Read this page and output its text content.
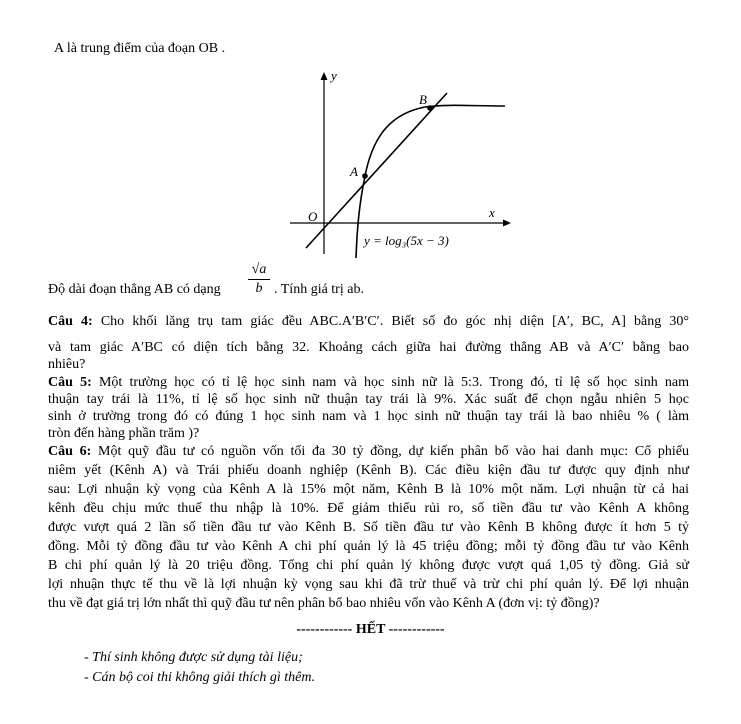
A là trung điểm của đoạn OB .
y
x
O
A
B
y = log₃(5x − 3)
Độ dài đoạn thẳng AB có dạng
√a
b . Tính giá trị ab.
Câu 4: Cho khối lăng trụ tam giác đều ABC.A′B′C′. Biết số đo góc nhị diện [A′, BC, A] bằng 30°
và tam giác A′BC có diện tích bằng 32. Khoảng cách giữa hai đường thẳng AB và A′C′ bằng bao
nhiêu?
Câu 5: Một trường học có tỉ lệ học sinh nam và học sinh nữ là 5:3. Trong đó, tỉ lệ số học sinh nam
thuận tay trái là 11%, tỉ lệ số học sinh nữ thuận tay trái là 9%. Xác suất để chọn ngẫu nhiên 5 học
sinh ở trường trong đó có đúng 1 học sinh nam và 1 học sinh nữ thuận tay trái là bao nhiêu % ( làm
tròn đến hàng phần trăm )?
Câu 6: Một quỹ đầu tư có nguồn vốn tối đa 30 tỷ đồng, dự kiến phân bổ vào hai danh mục: Cổ phiếu
niêm yết (Kênh A) và Trái phiếu doanh nghiệp (Kênh B). Các điều kiện đầu tư được quy định như
sau: Lợi nhuận kỳ vọng của Kênh A là 15% một năm, Kênh B là 10% một năm. Lợi nhuận từ cả hai
kênh đều chịu mức thuế thu nhập là 10%. Để giảm thiểu rủi ro, số tiền đầu tư vào Kênh A không
được vượt quá 2 lần số tiền đầu tư vào Kênh B. Số tiền đầu tư vào Kênh B không được ít hơn 5 tỷ
đồng. Mỗi tỷ đồng đầu tư vào Kênh A chi phí quản lý là 45 triệu đồng; mỗi tỷ đồng đầu tư vào Kênh
B chi phí quản lý là 20 triệu đồng. Tổng chi phí quản lý không được vượt quá 1,05 tỷ đồng. Giả sử
lợi nhuận thực tế thu về là lợi nhuận kỳ vọng sau khi đã trừ thuế và trừ chi phí quản lý. Để lợi nhuận
thu về đạt giá trị lớn nhất thì quỹ đầu tư nên phân bổ bao nhiêu vốn vào Kênh A (đơn vị: tỷ đồng)?
------------ HẾT ------------
- Thí sinh không được sử dụng tài liệu;
- Cán bộ coi thi không giải thích gì thêm.
